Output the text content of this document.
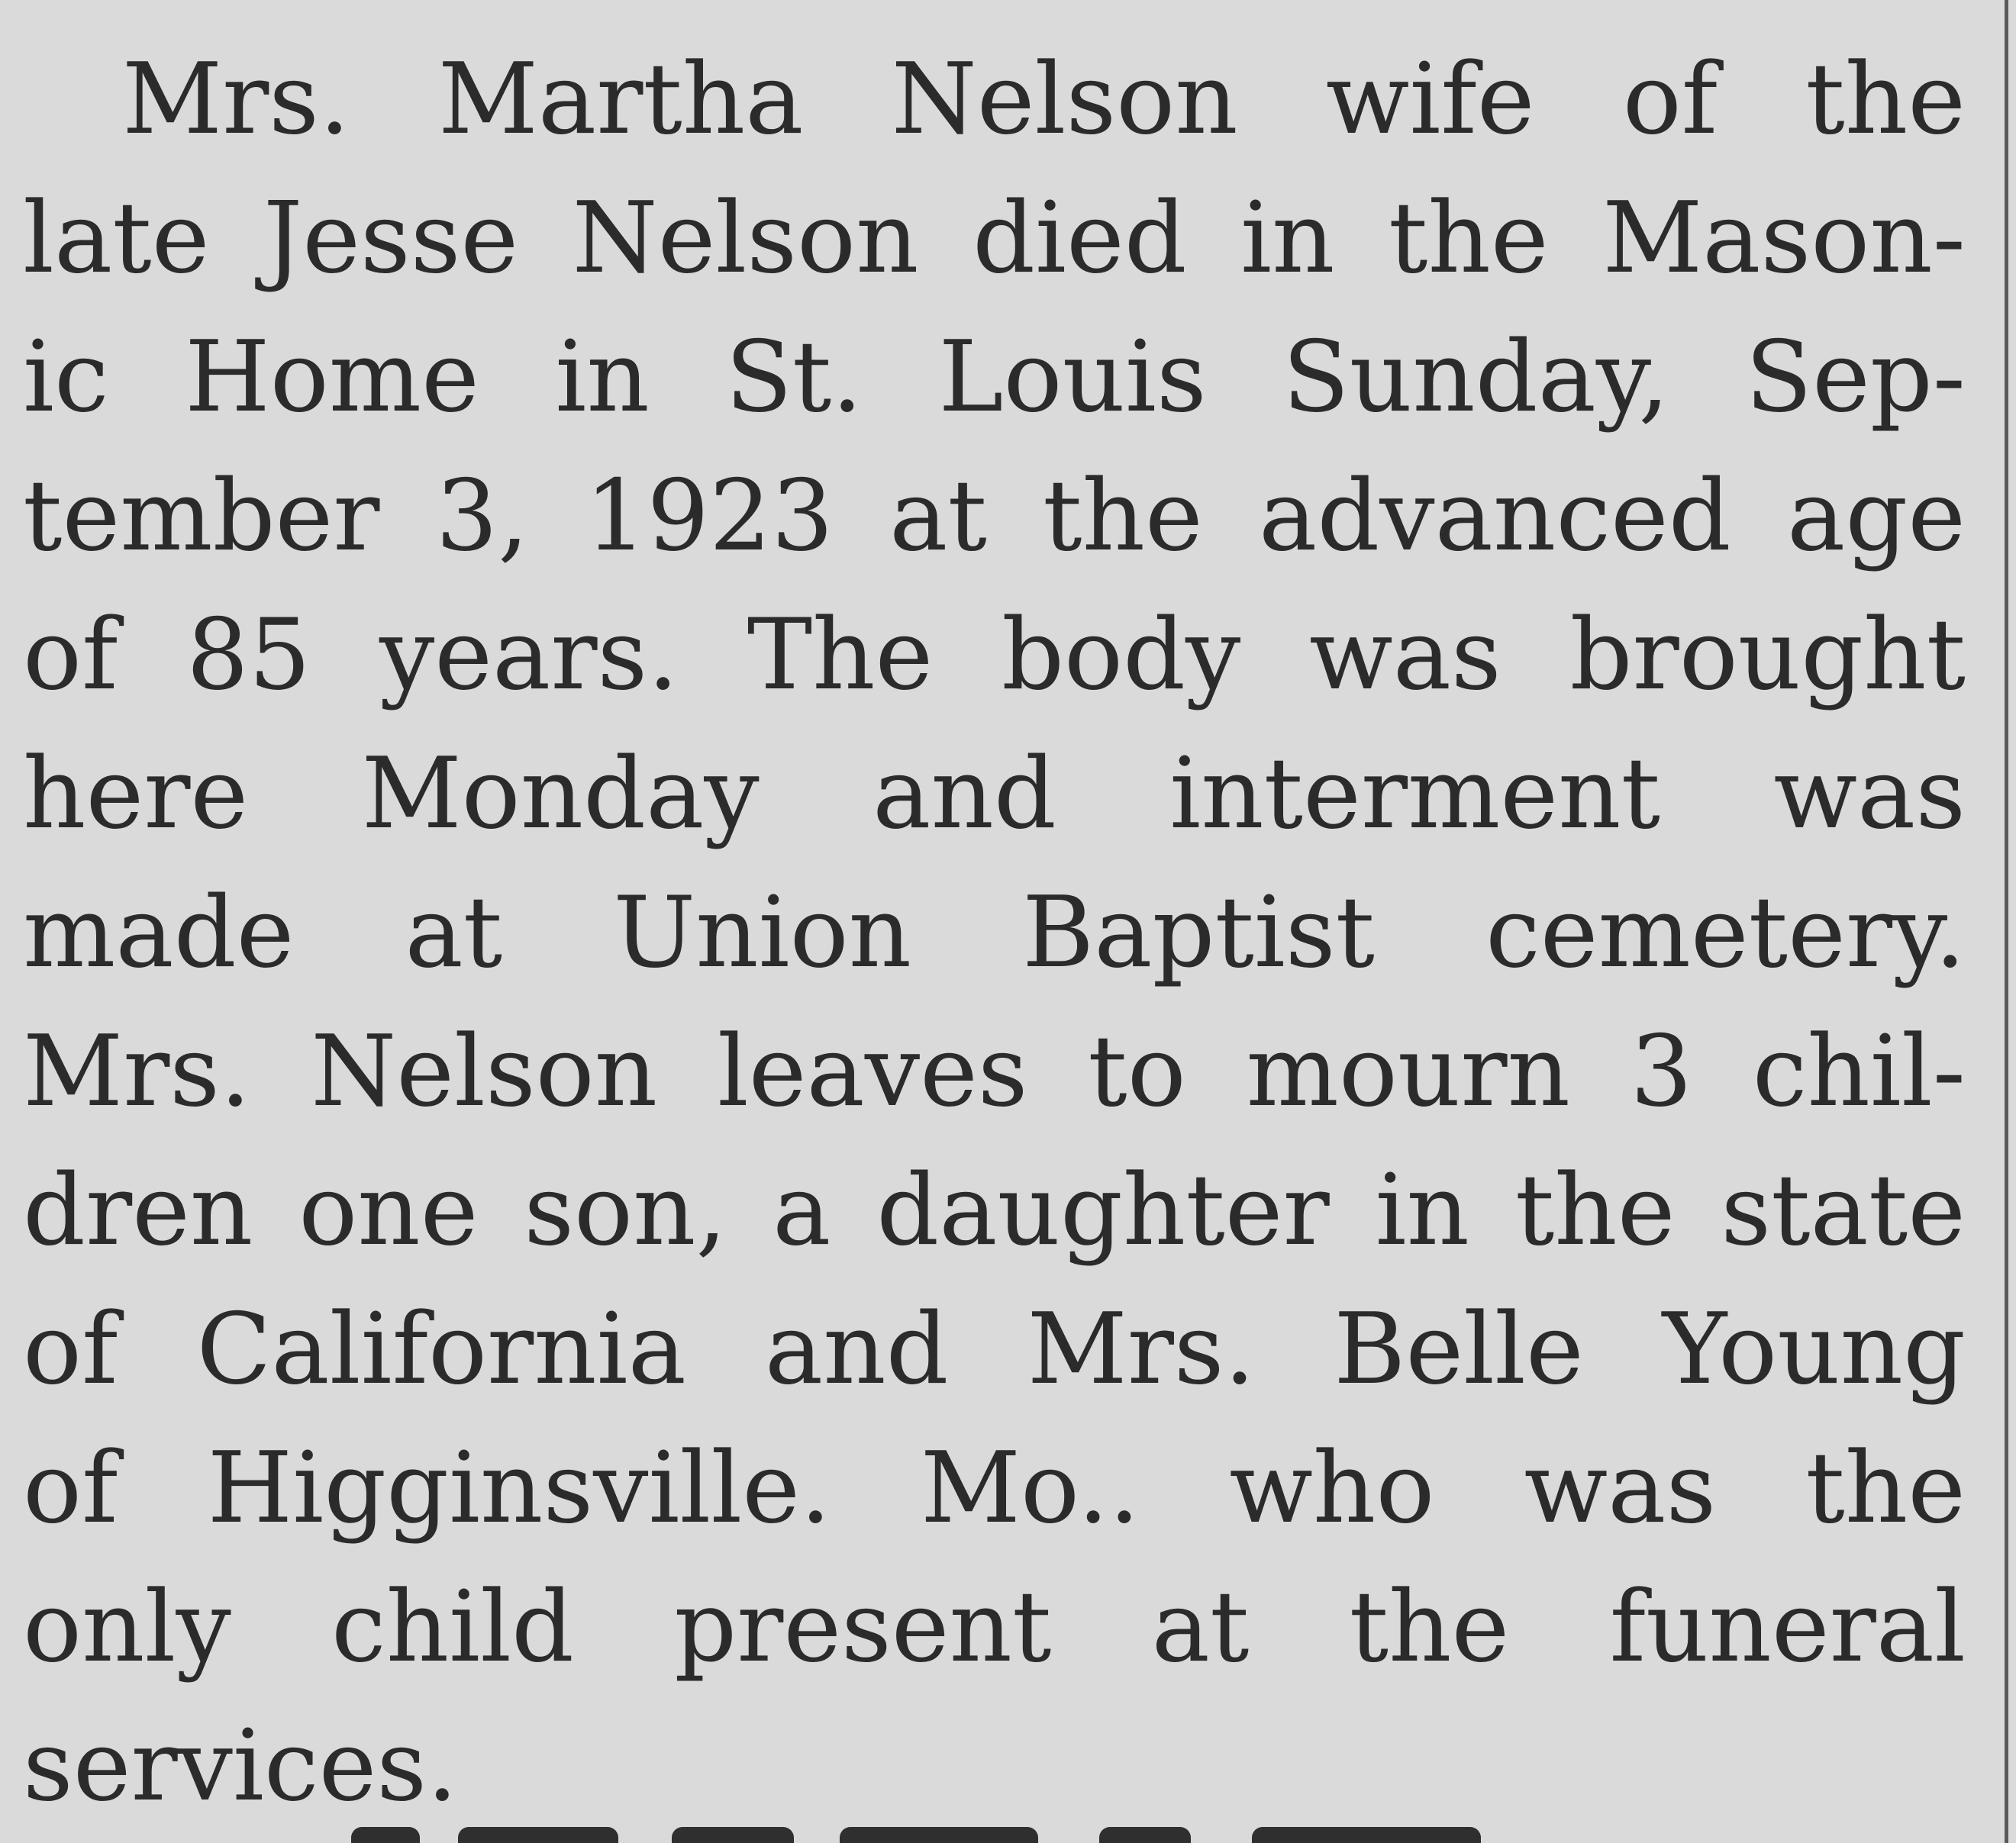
Mrs. Martha Nelson wife of the
late Jesse Nelson died in the Mason-
ic Home in St. Louis Sunday, Sep-
tember 3, 1923 at the advanced age
of 85 years. The body was brought
here Monday and interment was
made at Union Baptist cemetery.
Mrs. Nelson leaves to mourn 3 chil-
dren one son, a daughter in the state
of California and Mrs. Belle Young
of Higginsville. Mo.. who was the
only child present at the funeral
services.
